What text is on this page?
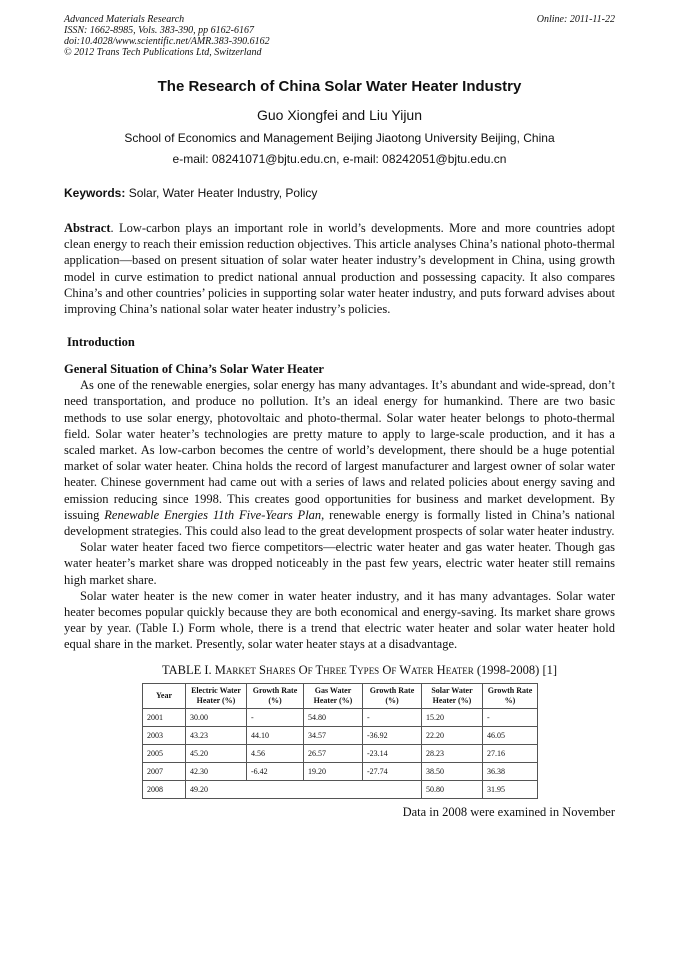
Advanced Materials Research
ISSN: 1662-8985, Vols. 383-390, pp 6162-6167
doi:10.4028/www.scientific.net/AMR.383-390.6162
© 2012 Trans Tech Publications Ltd, Switzerland
Online: 2011-11-22
The Research of China Solar Water Heater Industry
Guo Xiongfei and Liu Yijun
School of Economics and Management Beijing Jiaotong University Beijing, China
e-mail: 08241071@bjtu.edu.cn, e-mail: 08242051@bjtu.edu.cn
Keywords: Solar, Water Heater Industry, Policy

Abstract. Low-carbon plays an important role in world’s developments. More and more countries adopt clean energy to reach their emission reduction objectives. This article analyses China’s national photo-thermal application—based on present situation of solar water heater industry’s development in China, using growth model in curve estimation to predict national annual production and possessing capacity. It also compares China’s and other countries’ policies in supporting solar water heater industry, and puts forward advises about improving China’s national solar water heater industry’s policies.

Introduction
General Situation of China’s Solar Water Heater

As one of the renewable energies, solar energy has many advantages. It’s abundant and wide-spread, don’t need transportation, and produce no pollution. It’s an ideal energy for humankind. There are two basic methods to use solar energy, photovoltaic and photo-thermal. Solar water heater belongs to photo-thermal field. Solar water heater’s technologies are pretty mature to apply to large-scale production, and it has a scaled market. As low-carbon becomes the centre of world’s development, there should be a huge potential market of solar water heater. China holds the record of largest manufacturer and largest owner of solar water heater. Chinese government had came out with a series of laws and related policies about energy saving and emission reducing since 1998. This creates good opportunities for business and market development. By issuing Renewable Energies 11th Five-Years Plan, renewable energy is formally listed in China’s national development strategies. This could also lead to the great development prospects of solar water heater industry.

Solar water heater faced two fierce competitors—electric water heater and gas water heater. Though gas water heater’s market share was dropped noticeably in the past few years, electric water heater still remains high market share.

Solar water heater is the new comer in water heater industry, and it has many advantages. Solar water heater becomes popular quickly because they are both economical and energy-saving. Its market share grows year by year. (Table I.) Form whole, there is a trend that electric water heater and solar water heater hold equal share in the market. Presently, solar water heater stays at a disadvantage.

TABLE I. Market Shares Of Three Types Of Water Heater (1998-2008) [1]
Year	Electric Water Heater (%)	Growth Rate (%)	Gas Water Heater (%)	Growth Rate (%)	Solar Water Heater (%)	Growth Rate %)
2001	30.00	-	54.80	-	15.20	-
2003	43.23	44.10	34.57	-36.92	22.20	46.05
2005	45.20	4.56	26.57	-23.14	28.23	27.16
2007	42.30	-6.42	19.20	-27.74	38.50	36.38
2008	49.20				50.80	31.95
Data in 2008 were examined in November
